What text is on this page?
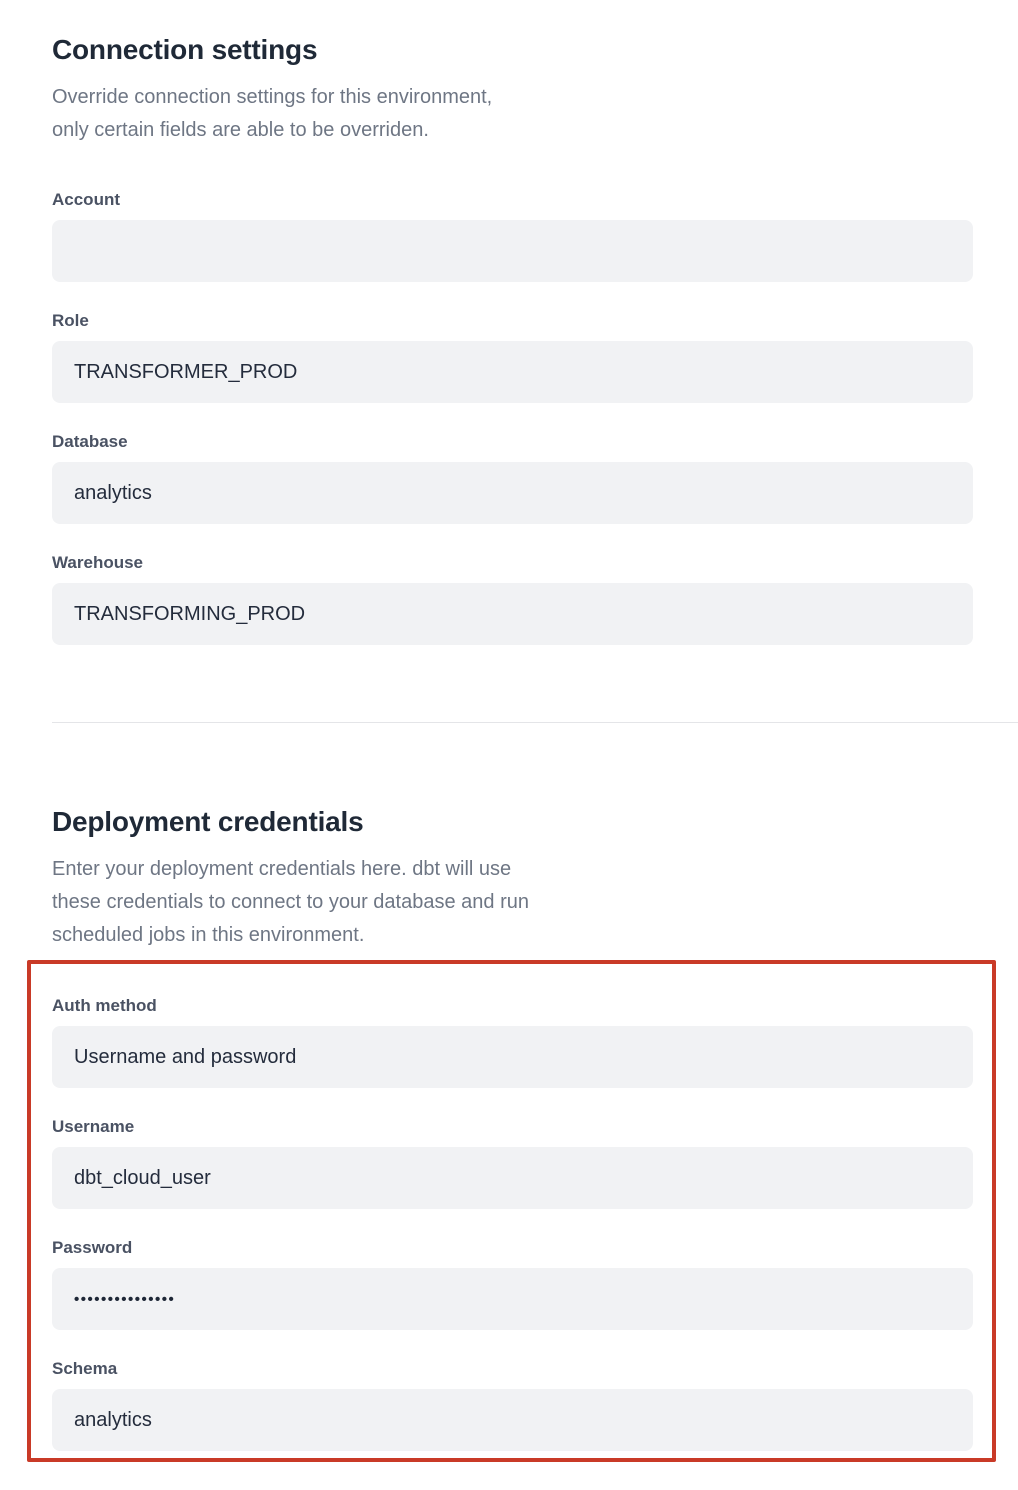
Connection settings
Override connection settings for this environment,
only certain fields are able to be overriden.
Account
Role
TRANSFORMER_PROD
Database
analytics
Warehouse
TRANSFORMING_PROD
Deployment credentials
Enter your deployment credentials here. dbt will use
these credentials to connect to your database and run
scheduled jobs in this environment.
Auth method
Username and password
Username
dbt_cloud_user
Password
•••••••••••••••
Schema
analytics
